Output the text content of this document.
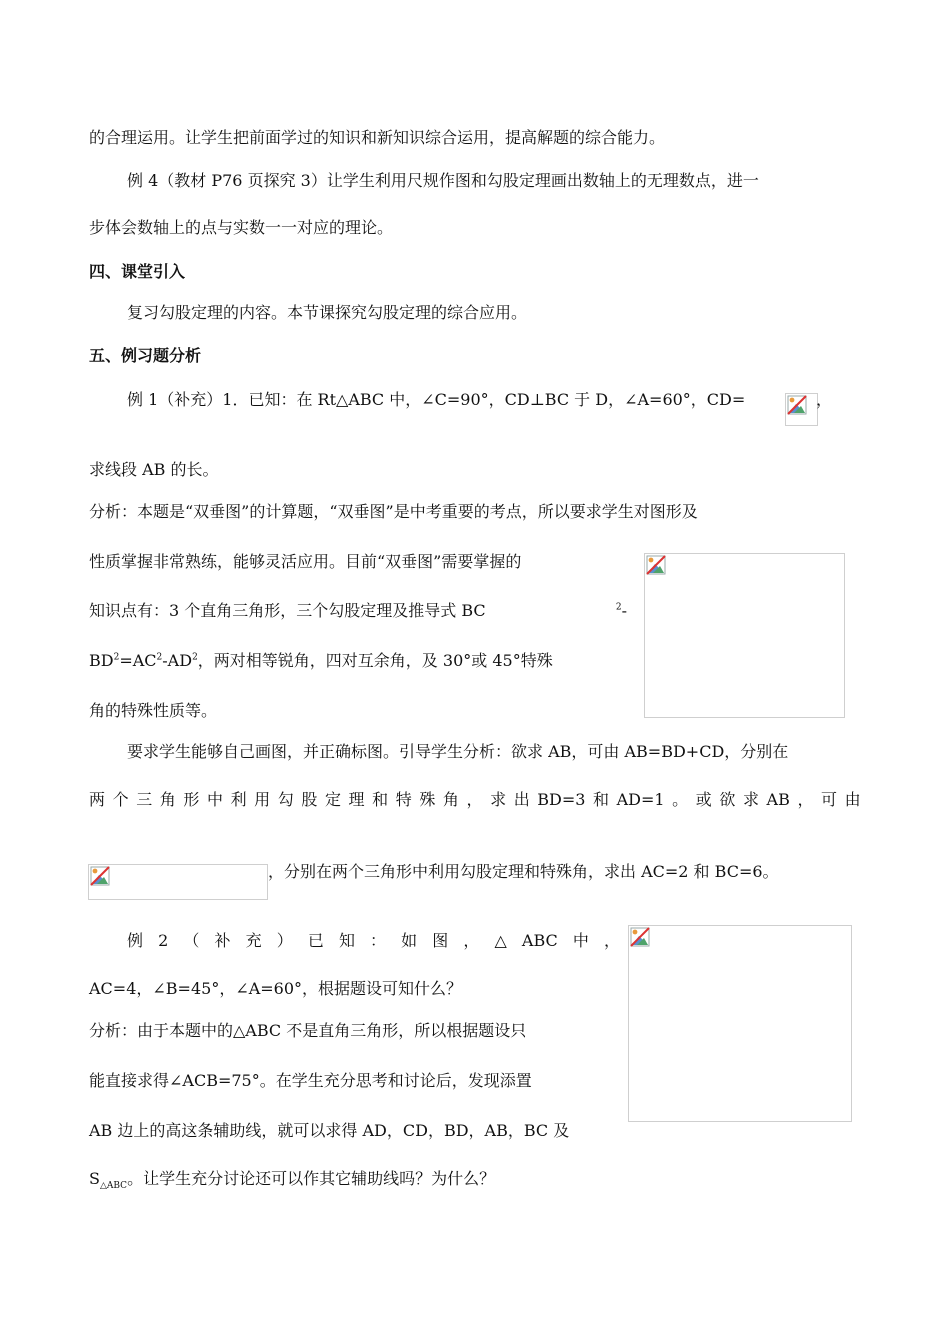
的合理运用。让学生把前面学过的知识和新知识综合运用，提高解题的综合能力。
例 4（教材 P76 页探究 3）让学生利用尺规作图和勾股定理画出数轴上的无理数点，进一
步体会数轴上的点与实数一一对应的理论。
四、课堂引入
复习勾股定理的内容。本节课探究勾股定理的综合应用。
五、例习题分析
例 1（补充）1．已知：在 Rt△ABC 中，∠C=90°，CD⊥BC 于 D，∠A=60°，CD=	，
求线段 AB 的长。
分析：本题是“双垂图”的计算题，“双垂图”是中考重要的考点，所以要求学生对图形及
性质掌握非常熟练，能够灵活应用。目前“双垂图”需要掌握的
知识点有：3 个直角三角形，三个勾股定理及推导式 BC	$^2$-
$BD^2=AC^2-AD^2$，两对相等锐角，四对互余角，及 30°或 45°特殊
角的特殊性质等。
要求学生能够自己画图，并正确标图。引导学生分析：欲求 AB，可由 AB=BD+CD，分别在
两 个 三 角 形 中 利 用 勾 股 定 理 和 特 殊 角 ， 求 出 BD=3 和 AD=1 。 或 欲 求 AB ， 可 由
，分别在两个三角形中利用勾股定理和特殊角，求出 AC=2 和 BC=6。
例 2 （ 补 充 ） 已 知 ： 如 图 ， △ ABC 中 ，
AC=4，∠B=45°，∠A=60°，根据题设可知什么？
分析：由于本题中的△ABC 不是直角三角形，所以根据题设只
能直接求得∠ACB=75°。在学生充分思考和讨论后，发现添置
AB 边上的高这条辅助线，就可以求得 AD，CD，BD，AB，BC 及
$S_{\triangle ABC}$。让学生充分讨论还可以作其它辅助线吗？为什么？
